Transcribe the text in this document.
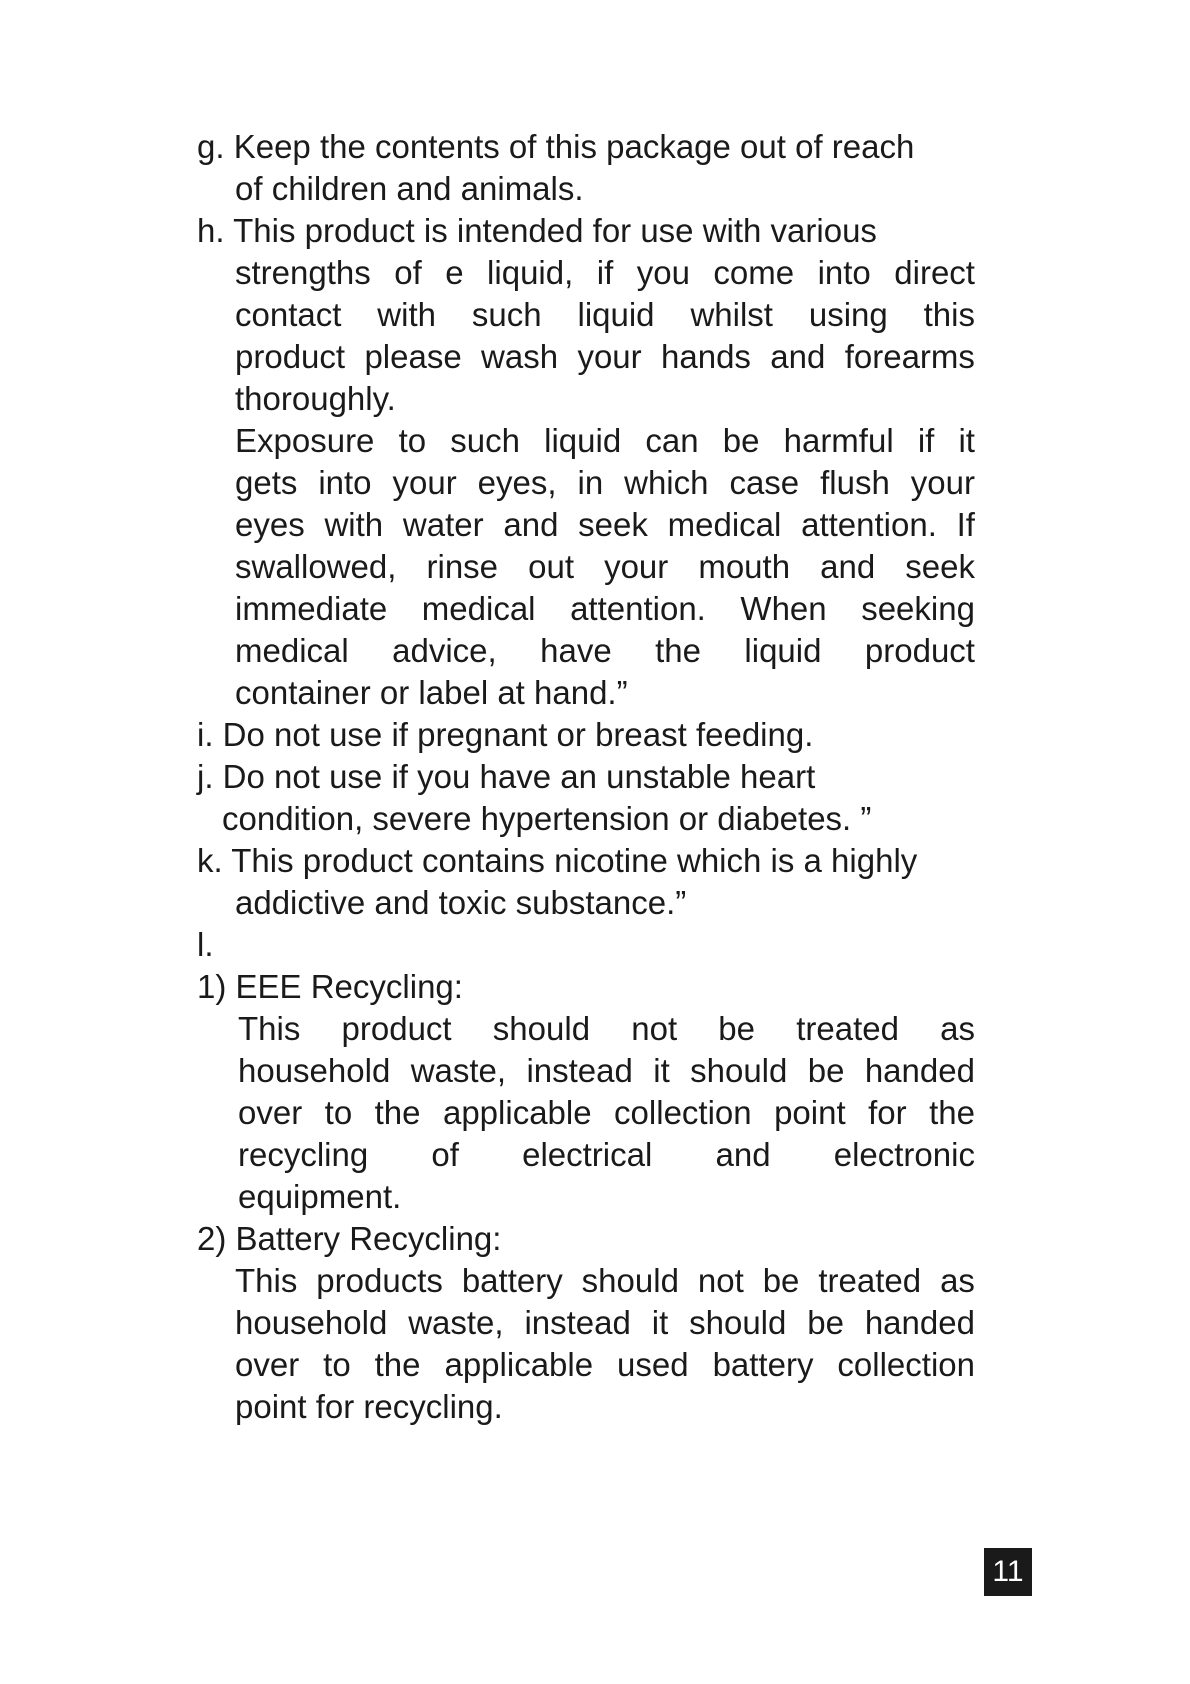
g. Keep the contents of this package out of reach
of children and animals.
h. This product is intended for use with various
strengths of e liquid, if you come into direct
contact with such liquid whilst using this
product please wash your hands and forearms
thoroughly.
Exposure to such liquid can be harmful if it
gets into your eyes, in which case flush your
eyes with water and seek medical attention. If
swallowed, rinse out your mouth and seek
immediate medical attention. When seeking
medical advice, have the liquid product
container or label at hand.”
i. Do not use if pregnant or breast feeding.
j. Do not use if you have an unstable heart
condition, severe hypertension or diabetes. ”
k. This product contains nicotine which is a highly
addictive and toxic substance.”
l.
1) EEE Recycling:
This product should not be treated as
household waste, instead it should be handed
over to the applicable collection point for the
recycling of electrical and electronic
equipment.
2) Battery Recycling:
This products battery should not be treated as
household waste, instead it should be handed
over to the applicable used battery collection
point for recycling.
11
